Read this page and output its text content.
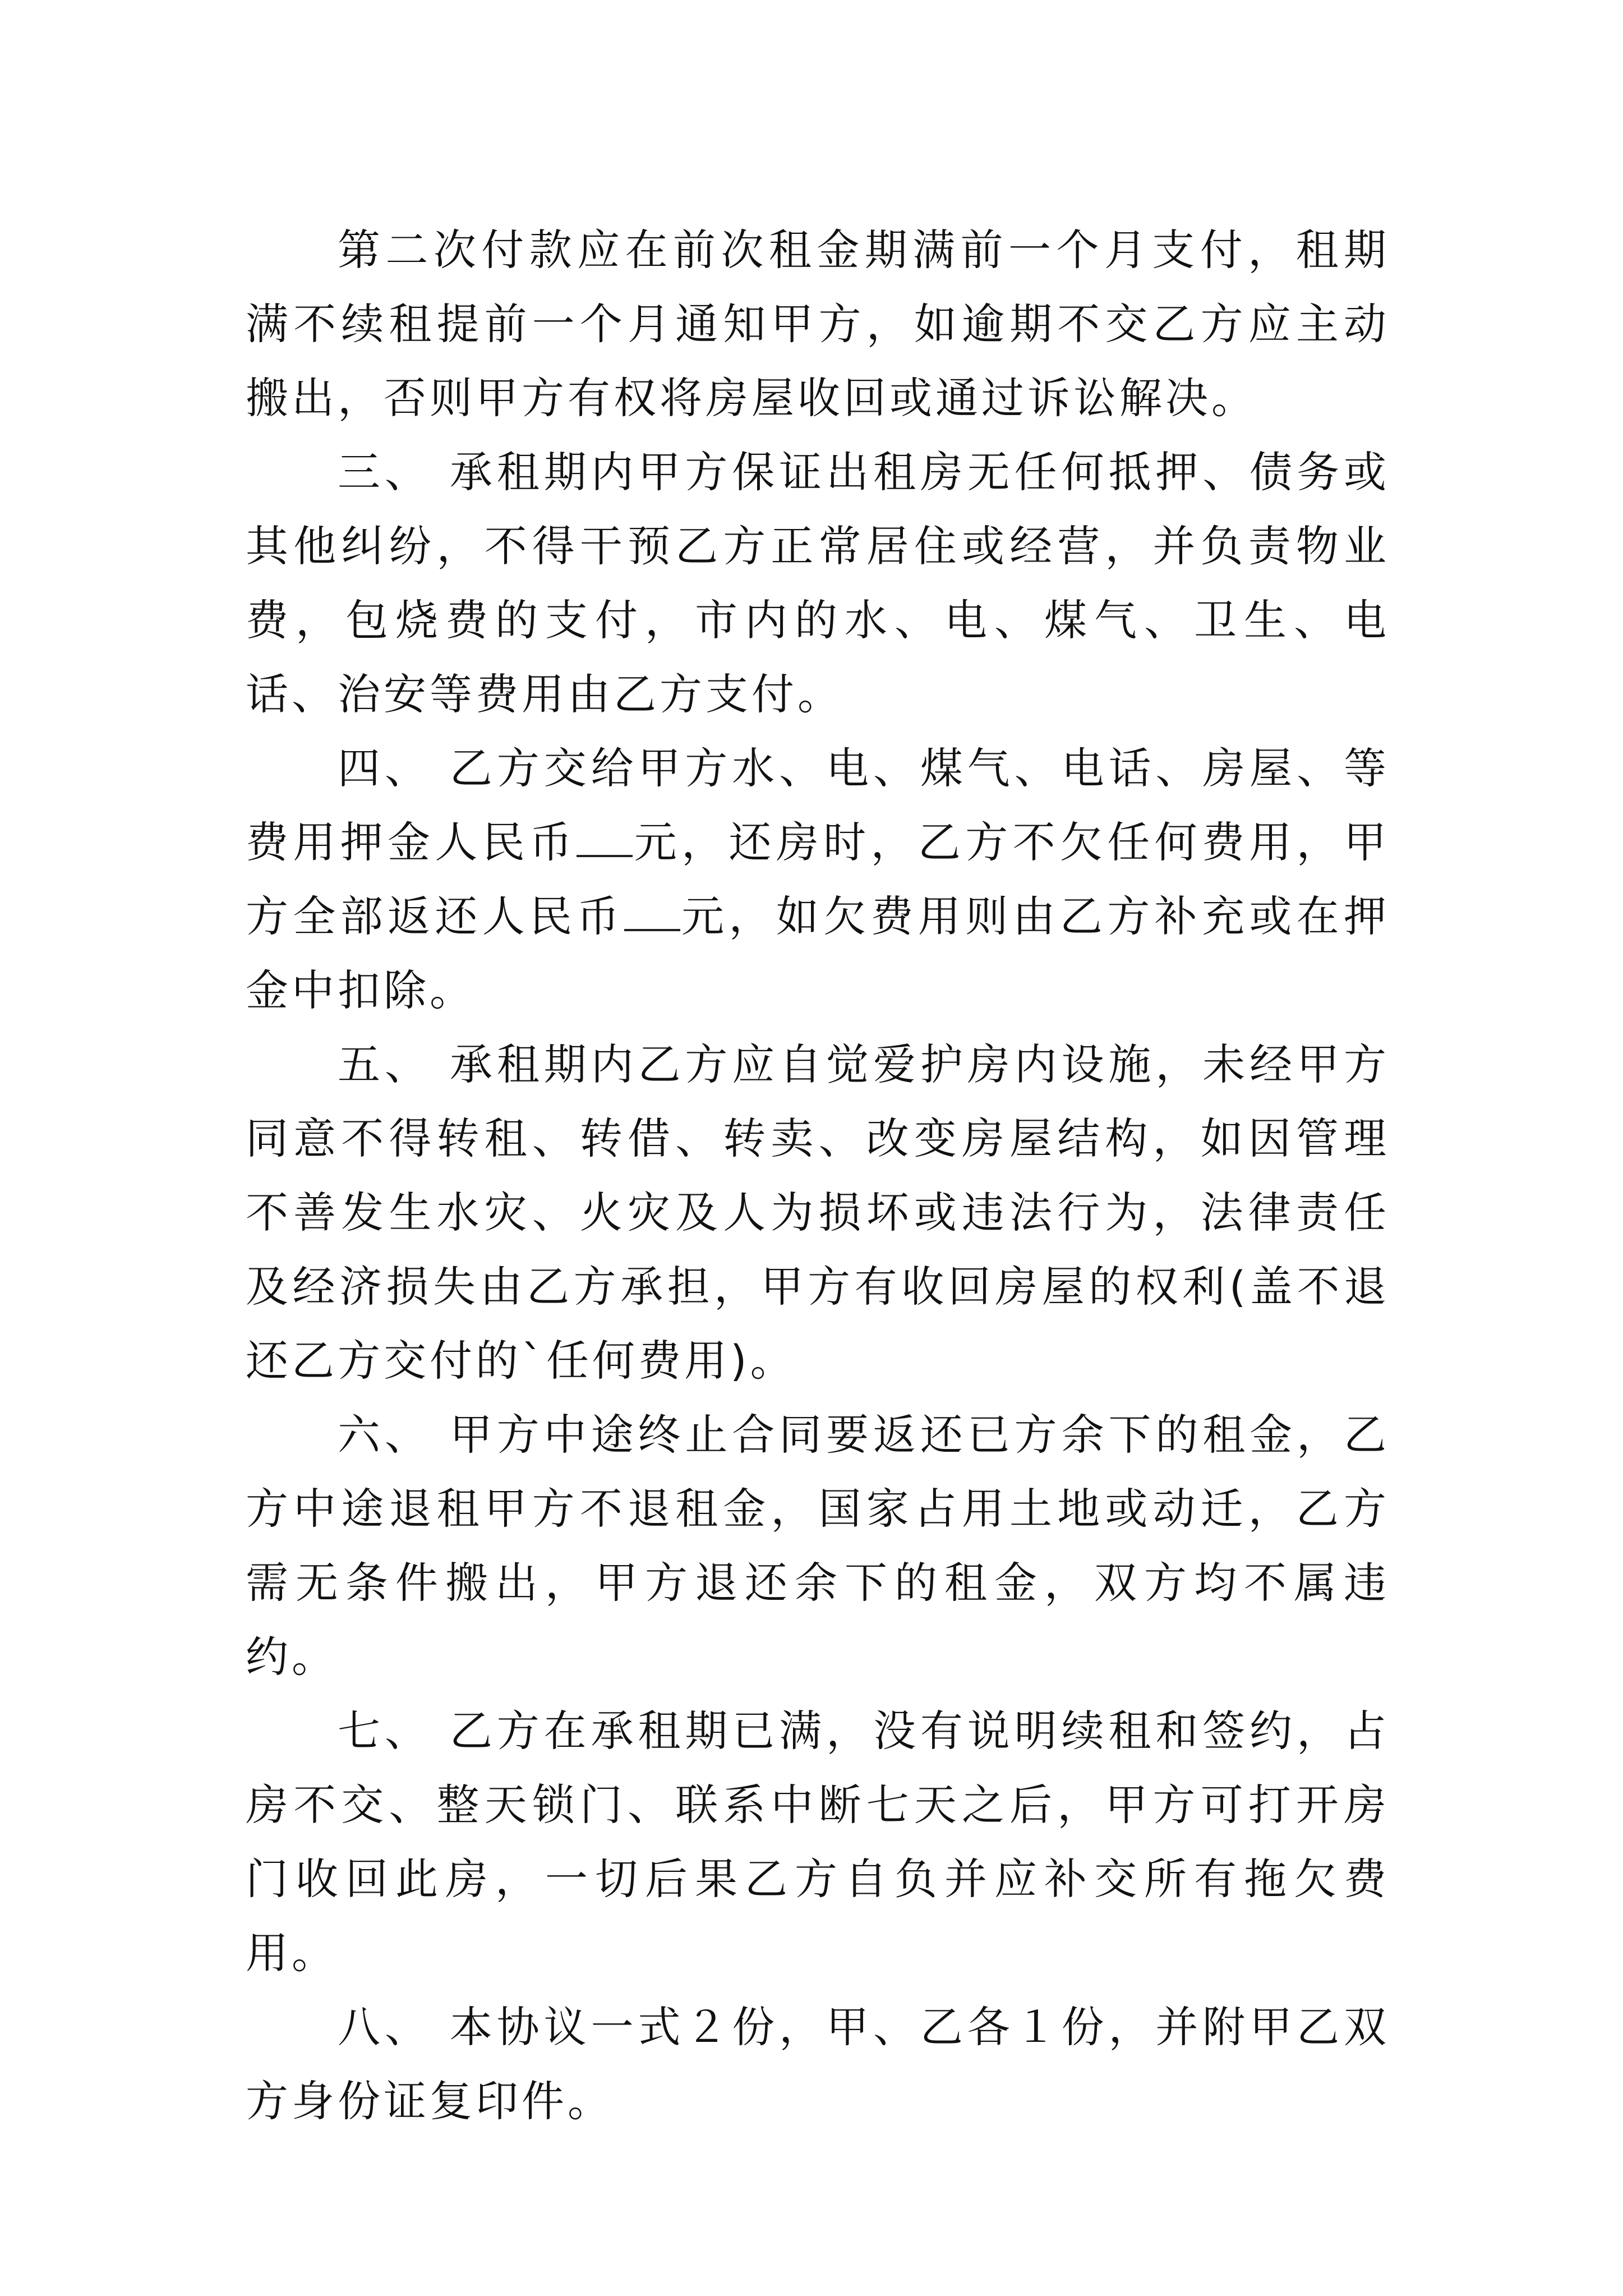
第二次付款应在前次租金期满前一个月支付，租期满不续租提前一个月通知甲方，如逾期不交乙方应主动搬出，否则甲方有权将房屋收回或通过诉讼解决。

三、 承租期内甲方保证出租房无任何抵押、债务或其他纠纷，不得干预乙方正常居住或经营，并负责物业费，包烧费的支付，市内的水、电、煤气、卫生、电话、治安等费用由乙方支付。

四、 乙方交给甲方水、电、煤气、电话、房屋、等费用押金人民币 元，还房时，乙方不欠任何费用，甲方全部返还人民币 元，如欠费用则由乙方补充或在押金中扣除。

五、 承租期内乙方应自觉爱护房内设施，未经甲方同意不得转租、转借、转卖、改变房屋结构，如因管理不善发生水灾、火灾及人为损坏或违法行为，法律责任及经济损失由乙方承担，甲方有收回房屋的权利(盖不退还乙方交付的`任何费用)。

六、 甲方中途终止合同要返还已方余下的租金，乙方中途退租甲方不退租金，国家占用土地或动迁，乙方需无条件搬出，甲方退还余下的租金，双方均不属违约。

七、 乙方在承租期已满，没有说明续租和签约，占房不交、整天锁门、联系中断七天之后，甲方可打开房门收回此房，一切后果乙方自负并应补交所有拖欠费用。

八、 本协议一式２份，甲、乙各１份，并附甲乙双方身份证复印件。
